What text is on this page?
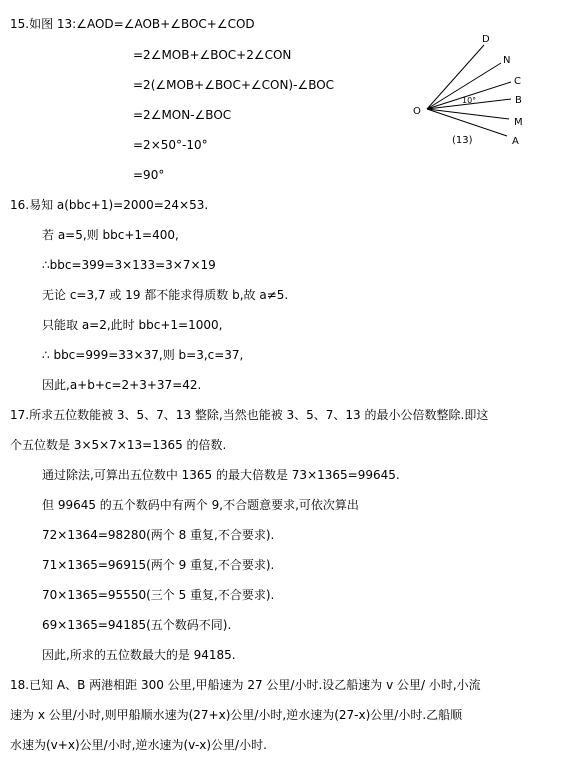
15.如图 13:∠AOD=∠AOB+∠BOC+∠COD
=2∠MOB+∠BOC+2∠CON
=2(∠MOB+∠BOC+∠CON)-∠BOC
=2∠MON-∠BOC
=2×50°-10°
=90°
O
D
N
C
B
M
A
10°
(13)
16.易知 a(bbc+1)=2000=24×53.
若 a=5,则 bbc+1=400,
∴bbc=399=3×133=3×7×19
无论 c=3,7 或 19 都不能求得质数 b,故 a≠5.
只能取 a=2,此时 bbc+1=1000,
∴ bbc=999=33×37,则 b=3,c=37,
因此,a+b+c=2+3+37=42.
17.所求五位数能被 3、5、7、13 整除,当然也能被 3、5、7、13 的最小公倍数整除.即这
个五位数是 3×5×7×13=1365 的倍数.
通过除法,可算出五位数中 1365 的最大倍数是 73×1365=99645.
但 99645 的五个数码中有两个 9,不合题意要求,可依次算出
72×1364=98280(两个 8 重复,不合要求).
71×1365=96915(两个 9 重复,不合要求).
70×1365=95550(三个 5 重复,不合要求).
69×1365=94185(五个数码不同).
因此,所求的五位数最大的是 94185.
18.已知 A、B 两港相距 300 公里,甲船速为 27 公里/小时.设乙船速为 v 公里/ 小时,小流
速为 x 公里/小时,则甲船顺水速为(27+x)公里/小时,逆水速为(27-x)公里/小时.乙船顺
水速为(v+x)公里/小时,逆水速为(v-x)公里/小时.
